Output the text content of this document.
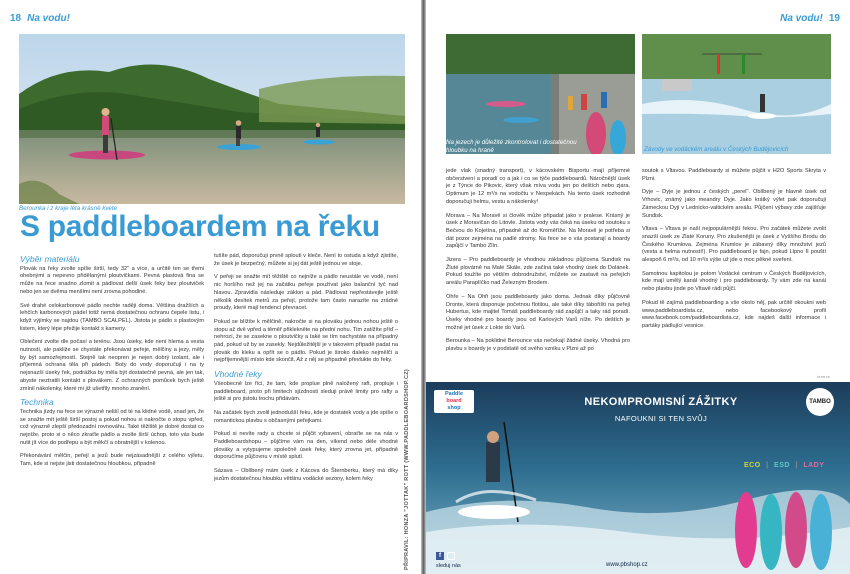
18 Na vodu!
Berounka i z kraje léta krásně kvete
S paddleboardem na řeku
Výběr materiálu

Plovák na řeky zvolte spíše širší, tedy 32" a více, a určitě ten se třemi ohebnými a nepevno přidělanými ploutvičkami. Pevná plastová fina se může na řece snadno zlomit a pádlovat delší úsek řeky bez ploutviček nebo jen se dvěma menšími není zrovna pohodlné.

Své drahé celokarbonové pádlo nechte raději doma. Většina dražších a lehčích karbonových pádel totiž nemá dostatečnou ochranu čepele listu, i když výjimky se najdou (TAMBO SCALPEL). Jistota je pádlo s plastovým listem, který lépe přežije kontakt s kameny.

Oblečení zvolte dle počasí a terénu. Jsou úseky, kde není hlema a vesta nutností, ale pakliže se chystáte překonávat peřeje, mělčiny a jezy, měly by být samozřejmostí. Stejně tak neopren je nejen dobrý izolant, ale i příjemná ochrana těla při pádech. Boty do vody doporučuji i na ty nejsnazší úseky řek, podrážka by měla být dostatečně pevná, ale jen tak, abyste neztratili kontakt s plovákem. Z ochranných pomůcek bych ještě zmínil nákolenky, které mi již ušetřily mnoho zranění.

Technika

Technika jízdy na řece se výrazně neliší od té na klidné vodě, snad jen, že se snažte mít ještě širší postoj a pokud nohou si nakročte o stopu vpřed, což výrazně zlepší předozadní rovnováhu. Také těžiště je dobré dostat co nejníže, proto si o něco zkraťte pádlo a zvolte širší úchop, toto vás bude nutit jít více do podřepu a být měkčí a obratnější v kolenou.

Překonávání mělčin, peřejí a jezů bude nejzásadnější z celého výletu. Tam, kde si nejste jisti dostatečnou hloubkou, připadně

tušíte pád, doporučuji prvně splouti v kleče. Není to ostuda a když zjistíte, že úsek je bezpečný, můžete si jej dát ještě jednou ve stoje.

V peřeji se snažte mít těžiště co nejníže a pádlo neustále ve vodě, není nic horšího než jej na začátku peřeje používat jako balanční tyč nad hlavou. Zpravidla následuje záklon a pád. Pádlovat nepřestávejte ještě několik desítek metrů za peřejí, protože tam často narazíte na zrádné proudy, které mají tendenci převracet.

Pokud se blížíte k mělčině, nakročte si na plováku jednou nohou ještě o stopu až dvě vpřed a těměř přiklekněte na přední nohu. Tím zatížíte příď – nehrozí, že se zasekne o ploutvičky a také se tím nachystáte na případný pád, pokud už by se zasekly. Nejdůležitější je v takovém případě padat na plovák do kleku a opřít se o pádlo. Pokud je široko daleko nejmělčí a nejpříjemnější místo kde skončit. Až z něj se připadně převlukte do řeky.

Vhodné řeky

Všeobecně lze říci, že tam, kde proplue plně naložený raft, propluje i paddleboard, proto při limitech sjízdnosti sleduji právě limity pro rafty a ještě si pro jistotu trochu přidávám.

Na začátek bych zvolil jednodušší řeku, kde je dostatek vody a jde spíše o romantickou plavbu s občasnými peřejkami.

Pokud si nevíte rady a chcete si půjčit vybavení, obraťte se na nás v Paddleboardshopu – půjčíme vám na den, víkend nebo déle vhodné plováky a vytypujeme společně úsek řeky, který zrovna jet, případně doporučíme půjčovnu v místě splutí.

Sázava – Oblíbený mám úsek z Kácova do Šternberku, který má díky jezům dostatečnou hloubku většinu vodácké sezony, kolem řeky	PŘIPRAVIL: HONZA "JOTTAK" ROTT (WWW.PADDLEBOARDSHOP.CZ)
Na vodu! 19
Na jezech je důležité zkontrolovat i dostatečnou hloubku na hraně	Závody ve vodáckém areálu v Českých Budějovicích

jede vlak (snadný transport), v kácovském Bisportu mají příjemné občerstvení a poradí co a jak i co se týče paddleboardů. Náročnější úsek je z Týnce do Pikovic, který však míva vodu jen po deštích nebo zjara. Optimum je 12 m³/s na vodočtu v Nespekách. Na tento úsek rozhodně doporučuji helmu, vestu a nákolenky!

Morava – Na Moravě si člověk může připadat jako v pralese. Krásný je úsek z Moravičan do Litovle. Jistota vody vás čeká na úseku od soutoku s Bečvou do Kojetína, případně až do Kroměříže. Na Moravě je potřeba si dát pozor zejména na padlé stromy. Na řece se o vás postarají a boardy zapůjčí v Tambo Zlín.

Jizera – Pro paddleboardy je vhodnou základnou půjčovna Sundisk na Žluté plovárně na Malé Skále, zde začíná také vhodný úsek do Dolánek. Pokud toužíte po větším dobrodružství, můžete se zastavit na peřejích areálu Paraplíčko nad Železným Brodem.

Ohře – Na Ohři jsou paddleboardy jako doma. Jednak díky půjčovně Dronte, která disponuje početnou flotilou, ale také díky tábořišti na peřeji Hubertus, kde majitel Tomáš paddleboardy rád zapůjčí a taky rád poradí. Úseky vhodné pro boardy jsou od Karlových Varů níže. Po deštích je možné jet úsek z Lokte do Varů.

Berounka – Na poklidné Berounce vás nečekají žádné úseky. Vhodná pro plavbu s boardy je v podstatě od svého vzniku v Plzni až po

soutok s Vltavou. Paddleboardy si můžete půjčit v H2O Sports Skryta v Plzni.

Dyje – Dyje je jednou z českých „perel". Oblíbený je hlavně úsek od Vrhovic, známý jako meandry Dyje. Jako krátký výlet pak doporučuji Zámeckou Dyji v Lednicko-valtickém areálu. Půjčení výbavy zde zajišťuje Sundisk.

Vltava – Vltava je naší nejpopulárnější řekou. Pro začátek můžete zvolit snazší úsek ze Zlaté Koruny. Pro zkušenější je úsek z Vyššího Brodu do Českého Krumlova. Zejména Krumlov je zábavný díky množství jezů (vesta a helma nutností!). Pro paddleboard je fajn, pokud Lipno II pouští alespoň 6 m³/s, od 10 m³/s výše už jde o moc pěkné sveření.

Samotnou kapitolou je potom Vodácké centrum v Českých Budějovicích, kde mají umělý kanál vhodný i pro paddleboardy. Ty vám zde na kanál nebo plavbu jinde po Vltavě rádi půjčí.

Pokud tě zajímá paddleboarding a vše okolo něj, pak určitě okoukni web www.paddleboardista.cz, nebo facebookový profil www.facebook.com/paddleboardista.cz, kde najdeš další informace i partáky pádlující vesnice.

inzerce
Paddle
board
shop	NEKOMPROMISNÍ ZÁŽITKY
NAFOUKNI SI TEN SVŮJ
TAMBO
ECO | ESD | LADY
f
sleduj nás	www.pbshop.cz
